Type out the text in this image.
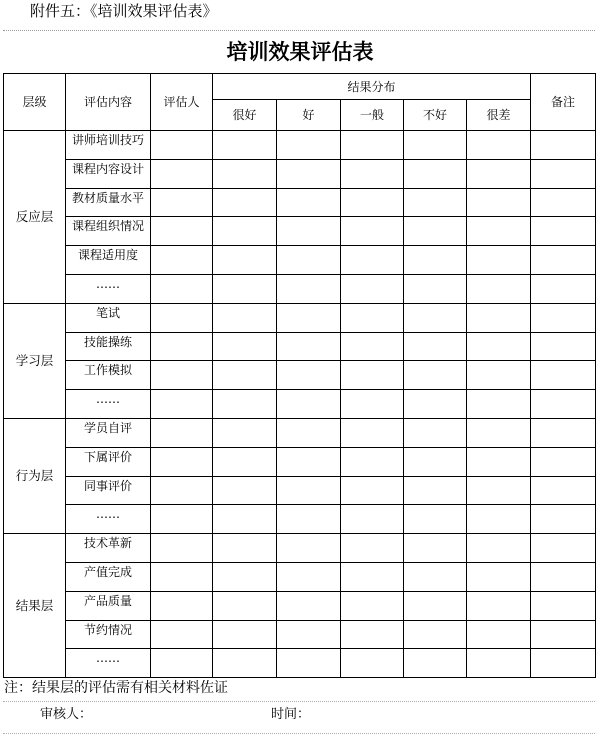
附件五：《培训效果评估表》
培训效果评估表
层级	评估内容	评估人	结果分布					备注
			很好	好	一般	不好	很差	
反应层	讲师培训技巧							
	课程内容设计							
	教材质量水平							
	课程组织情况							
	课程适用度							
	……							
学习层	笔试							
	技能操练							
	工作模拟							
	……							
行为层	学员自评							
	下属评价							
	同事评价							
	……							
结果层	技术革新							
	产值完成							
	产品质量							
	节约情况							
	……							
注：结果层的评估需有相关材料佐证
审核人：	时间：
